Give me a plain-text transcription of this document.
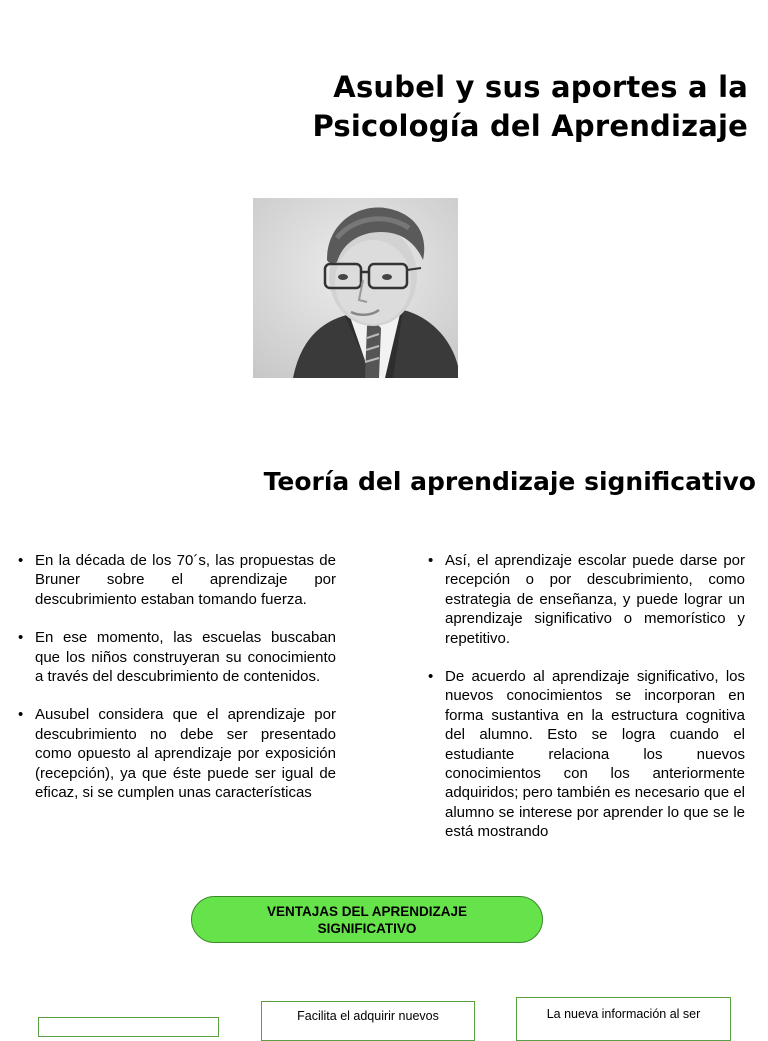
Asubel y sus aportes a la
Psicología del Aprendizaje
Teoría del aprendizaje significativo
• En la década de los 70´s, las propuestas de Bruner sobre el aprendizaje por descubrimiento estaban tomando fuerza.
• En ese momento, las escuelas buscaban que los niños construyeran su conocimiento a través del descubrimiento de contenidos.
• Ausubel considera que el aprendizaje por descubrimiento no debe ser presentado como opuesto al aprendizaje por exposición (recepción), ya que éste puede ser igual de eficaz, si se cumplen unas características
• Así, el aprendizaje escolar puede darse por recepción o por descubrimiento, como estrategia de enseñanza, y puede lograr un aprendizaje significativo o memorístico y repetitivo.
• De acuerdo al aprendizaje significativo, los nuevos conocimientos se incorporan en forma sustantiva en la estructura cognitiva del alumno. Esto se logra cuando el estudiante relaciona los nuevos conocimientos con los anteriormente adquiridos; pero también es necesario que el alumno se interese por aprender lo que se le está mostrando
VENTAJAS DEL APRENDIZAJE
SIGNIFICATIVO
Facilita el adquirir nuevos	La nueva información al ser
